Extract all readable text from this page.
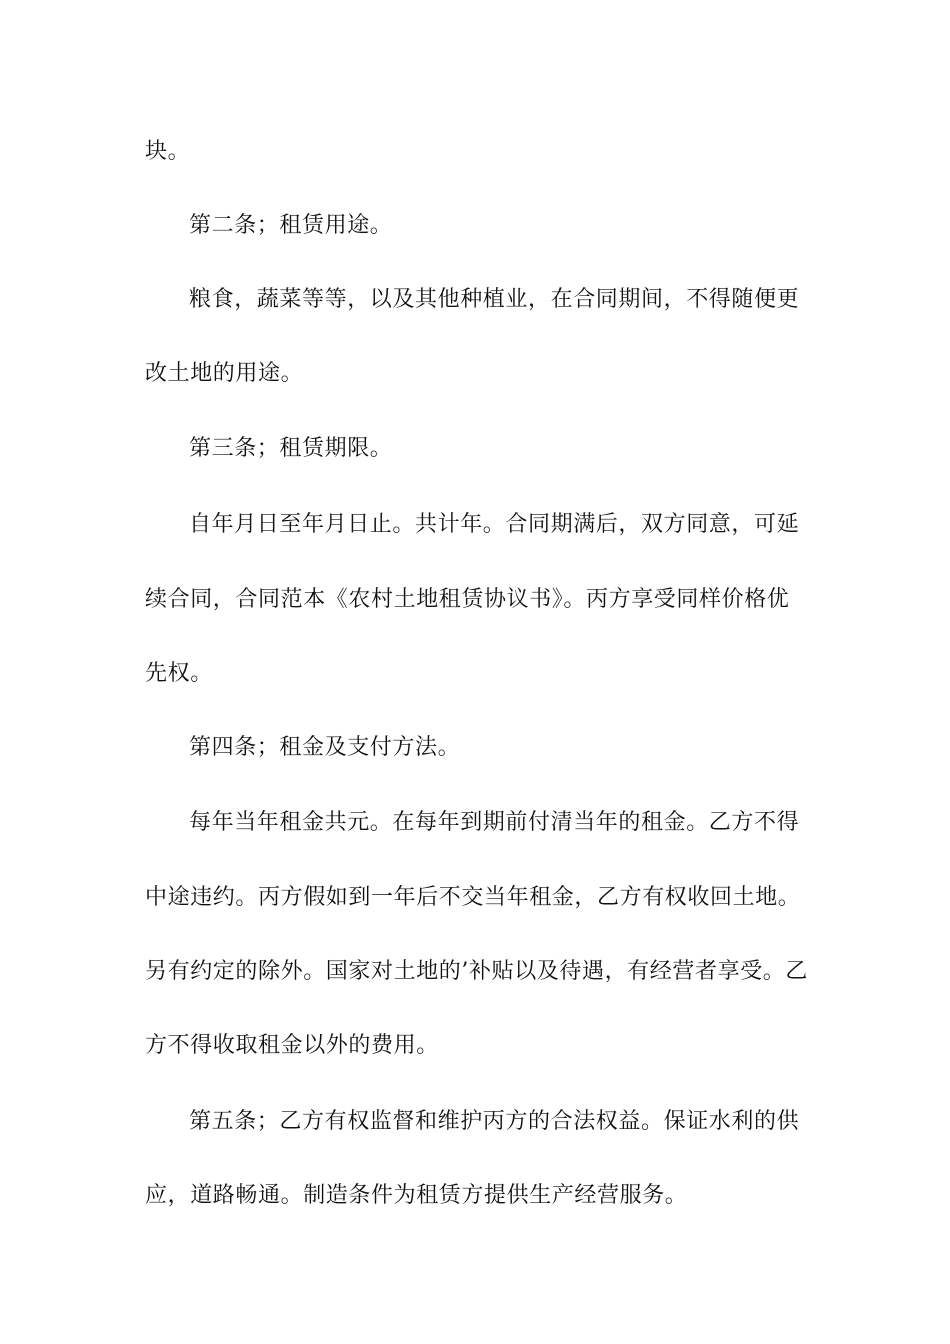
块。
第二条；租赁用途。
粮食，蔬菜等等，以及其他种植业，在合同期间，不得随便更
改土地的用途。
第三条；租赁期限。
自年月日至年月日止。共计年。合同期满后，双方同意，可延
续合同，合同范本《农村土地租赁协议书》。丙方享受同样价格优
先权。
第四条；租金及支付方法。
每年当年租金共元。在每年到期前付清当年的租金。乙方不得
中途违约。丙方假如到一年后不交当年租金，乙方有权收回土地。
另有约定的除外。国家对土地的’补贴以及待遇，有经营者享受。乙
方不得收取租金以外的费用。
第五条；乙方有权监督和维护丙方的合法权益。保证水利的供
应，道路畅通。制造条件为租赁方提供生产经营服务。
